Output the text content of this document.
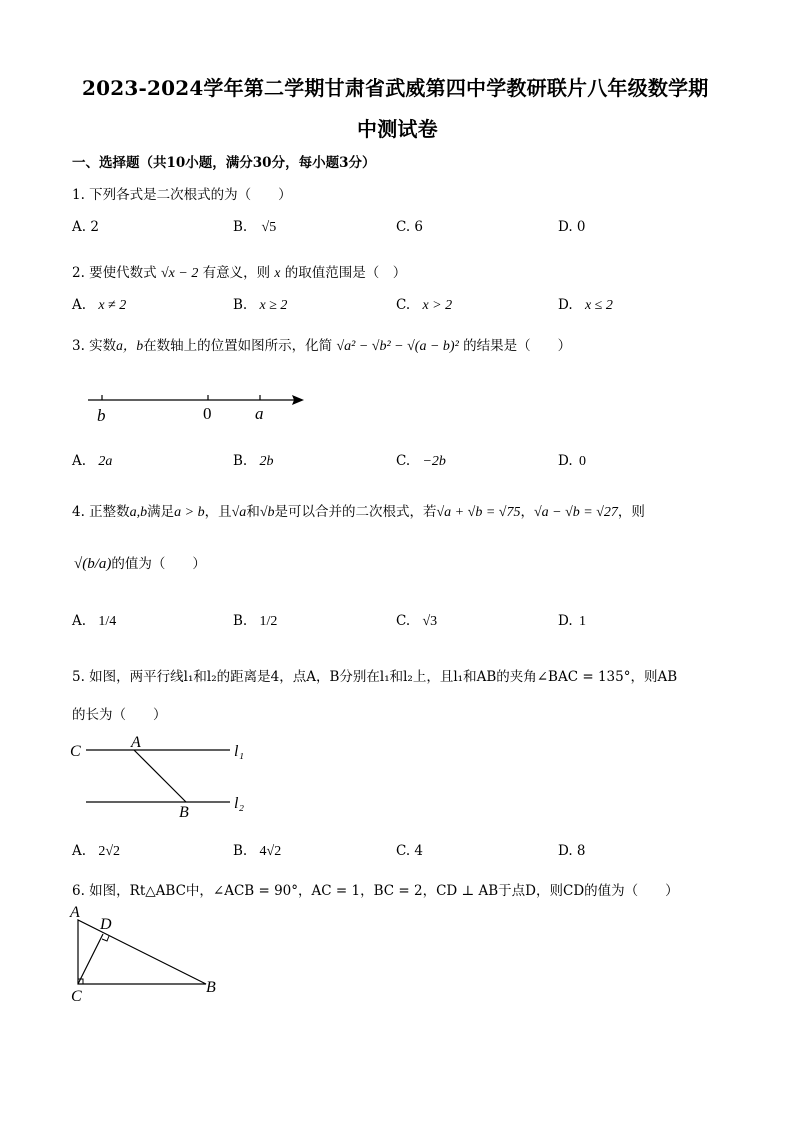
2023-2024学年第二学期甘肃省武威第四中学教研联片八年级数学期
中测试卷
一、选择题（共10小题，满分30分，每小题3分）
1. 下列各式是二次根式的为（　　）
A. 2	B. √5	C. 6	D. 0
2. 要使代数式 √x − 2 有意义，则 x 的取值范围是（　）
A. x ≠ 2	B. x ≥ 2	C. x > 2	D. x ≤ 2
3. 实数a，b在数轴上的位置如图所示，化简 √a² − √b² − √(a − b)² 的结果是（　　）
b	0	a
A. 2a	B. 2b	C. −2b	D. 0
4. 正整数a,b满足a > b，且√a和√b是可以合并的二次根式，若√a + √b = √75，√a − √b = √27，则
√(b/a)的值为（　　）
A. 1/4	B. 1/2	C. √3	D. 1
5. 如图，两平行线l₁和l₂的距离是4，点A，B分别在l₁和l₂上，且l₁和AB的夹角∠BAC = 135°，则AB
的长为（　　）
C
A
l₁
B
l₂
A. 2√2	B. 4√2	C. 4	D. 8
6. 如图，Rt△ABC中，∠ACB = 90°，AC = 1，BC = 2，CD ⊥ AB于点D，则CD的值为（　　）
A
D
C
B
